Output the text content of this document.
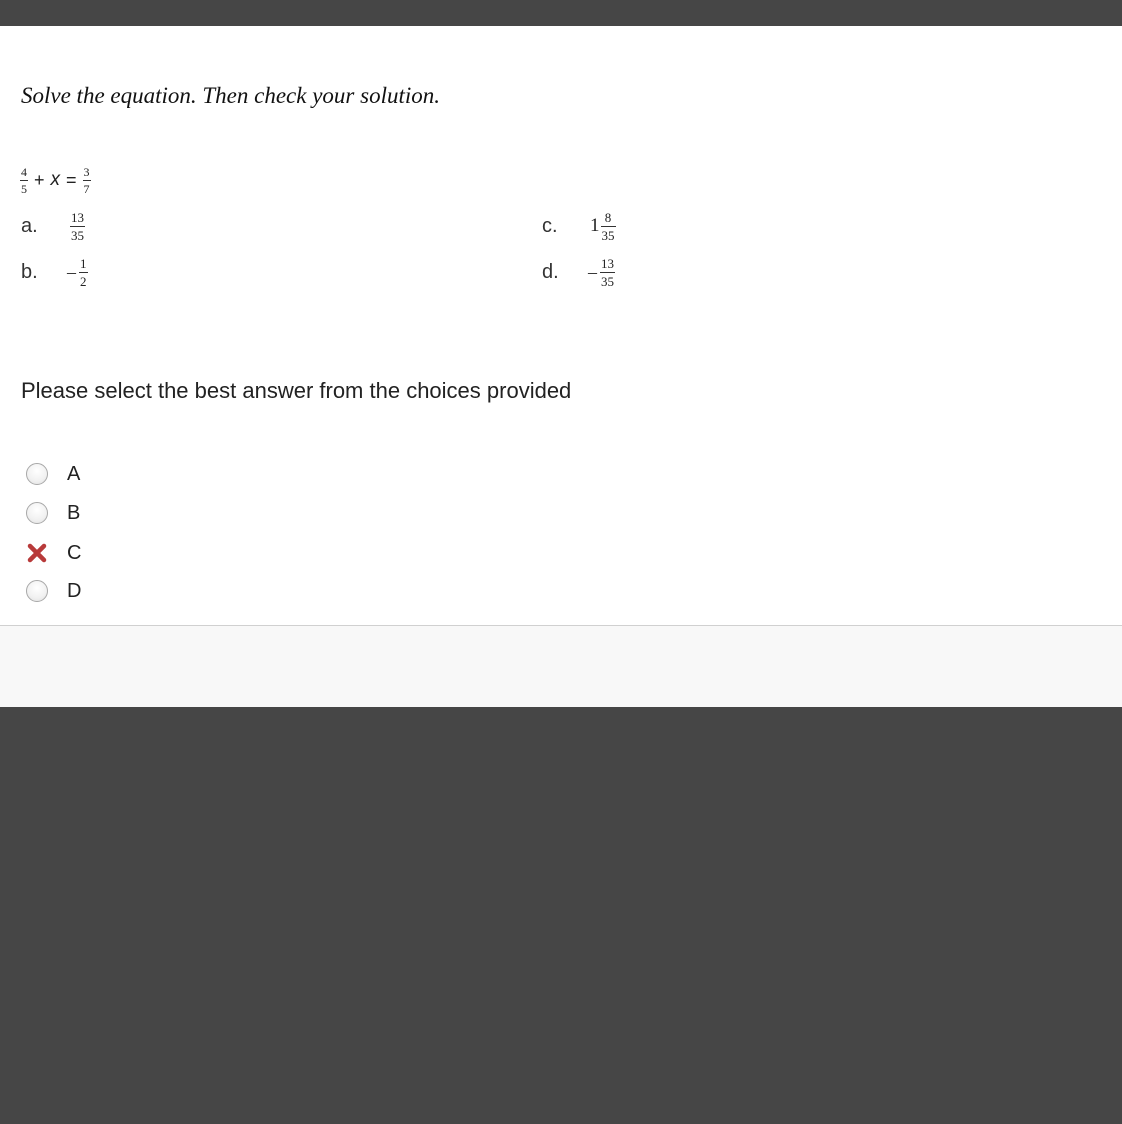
Solve the equation. Then check your solution.
$\frac{4}{5} + x = \frac{3}{7}$
a.	$\frac{13}{35}$
b.	– $\frac{1}{2}$
c.	$1 \frac{8}{35}$
d.	– $\frac{13}{35}$
Please select the best answer from the choices provided
A
B
C
D
